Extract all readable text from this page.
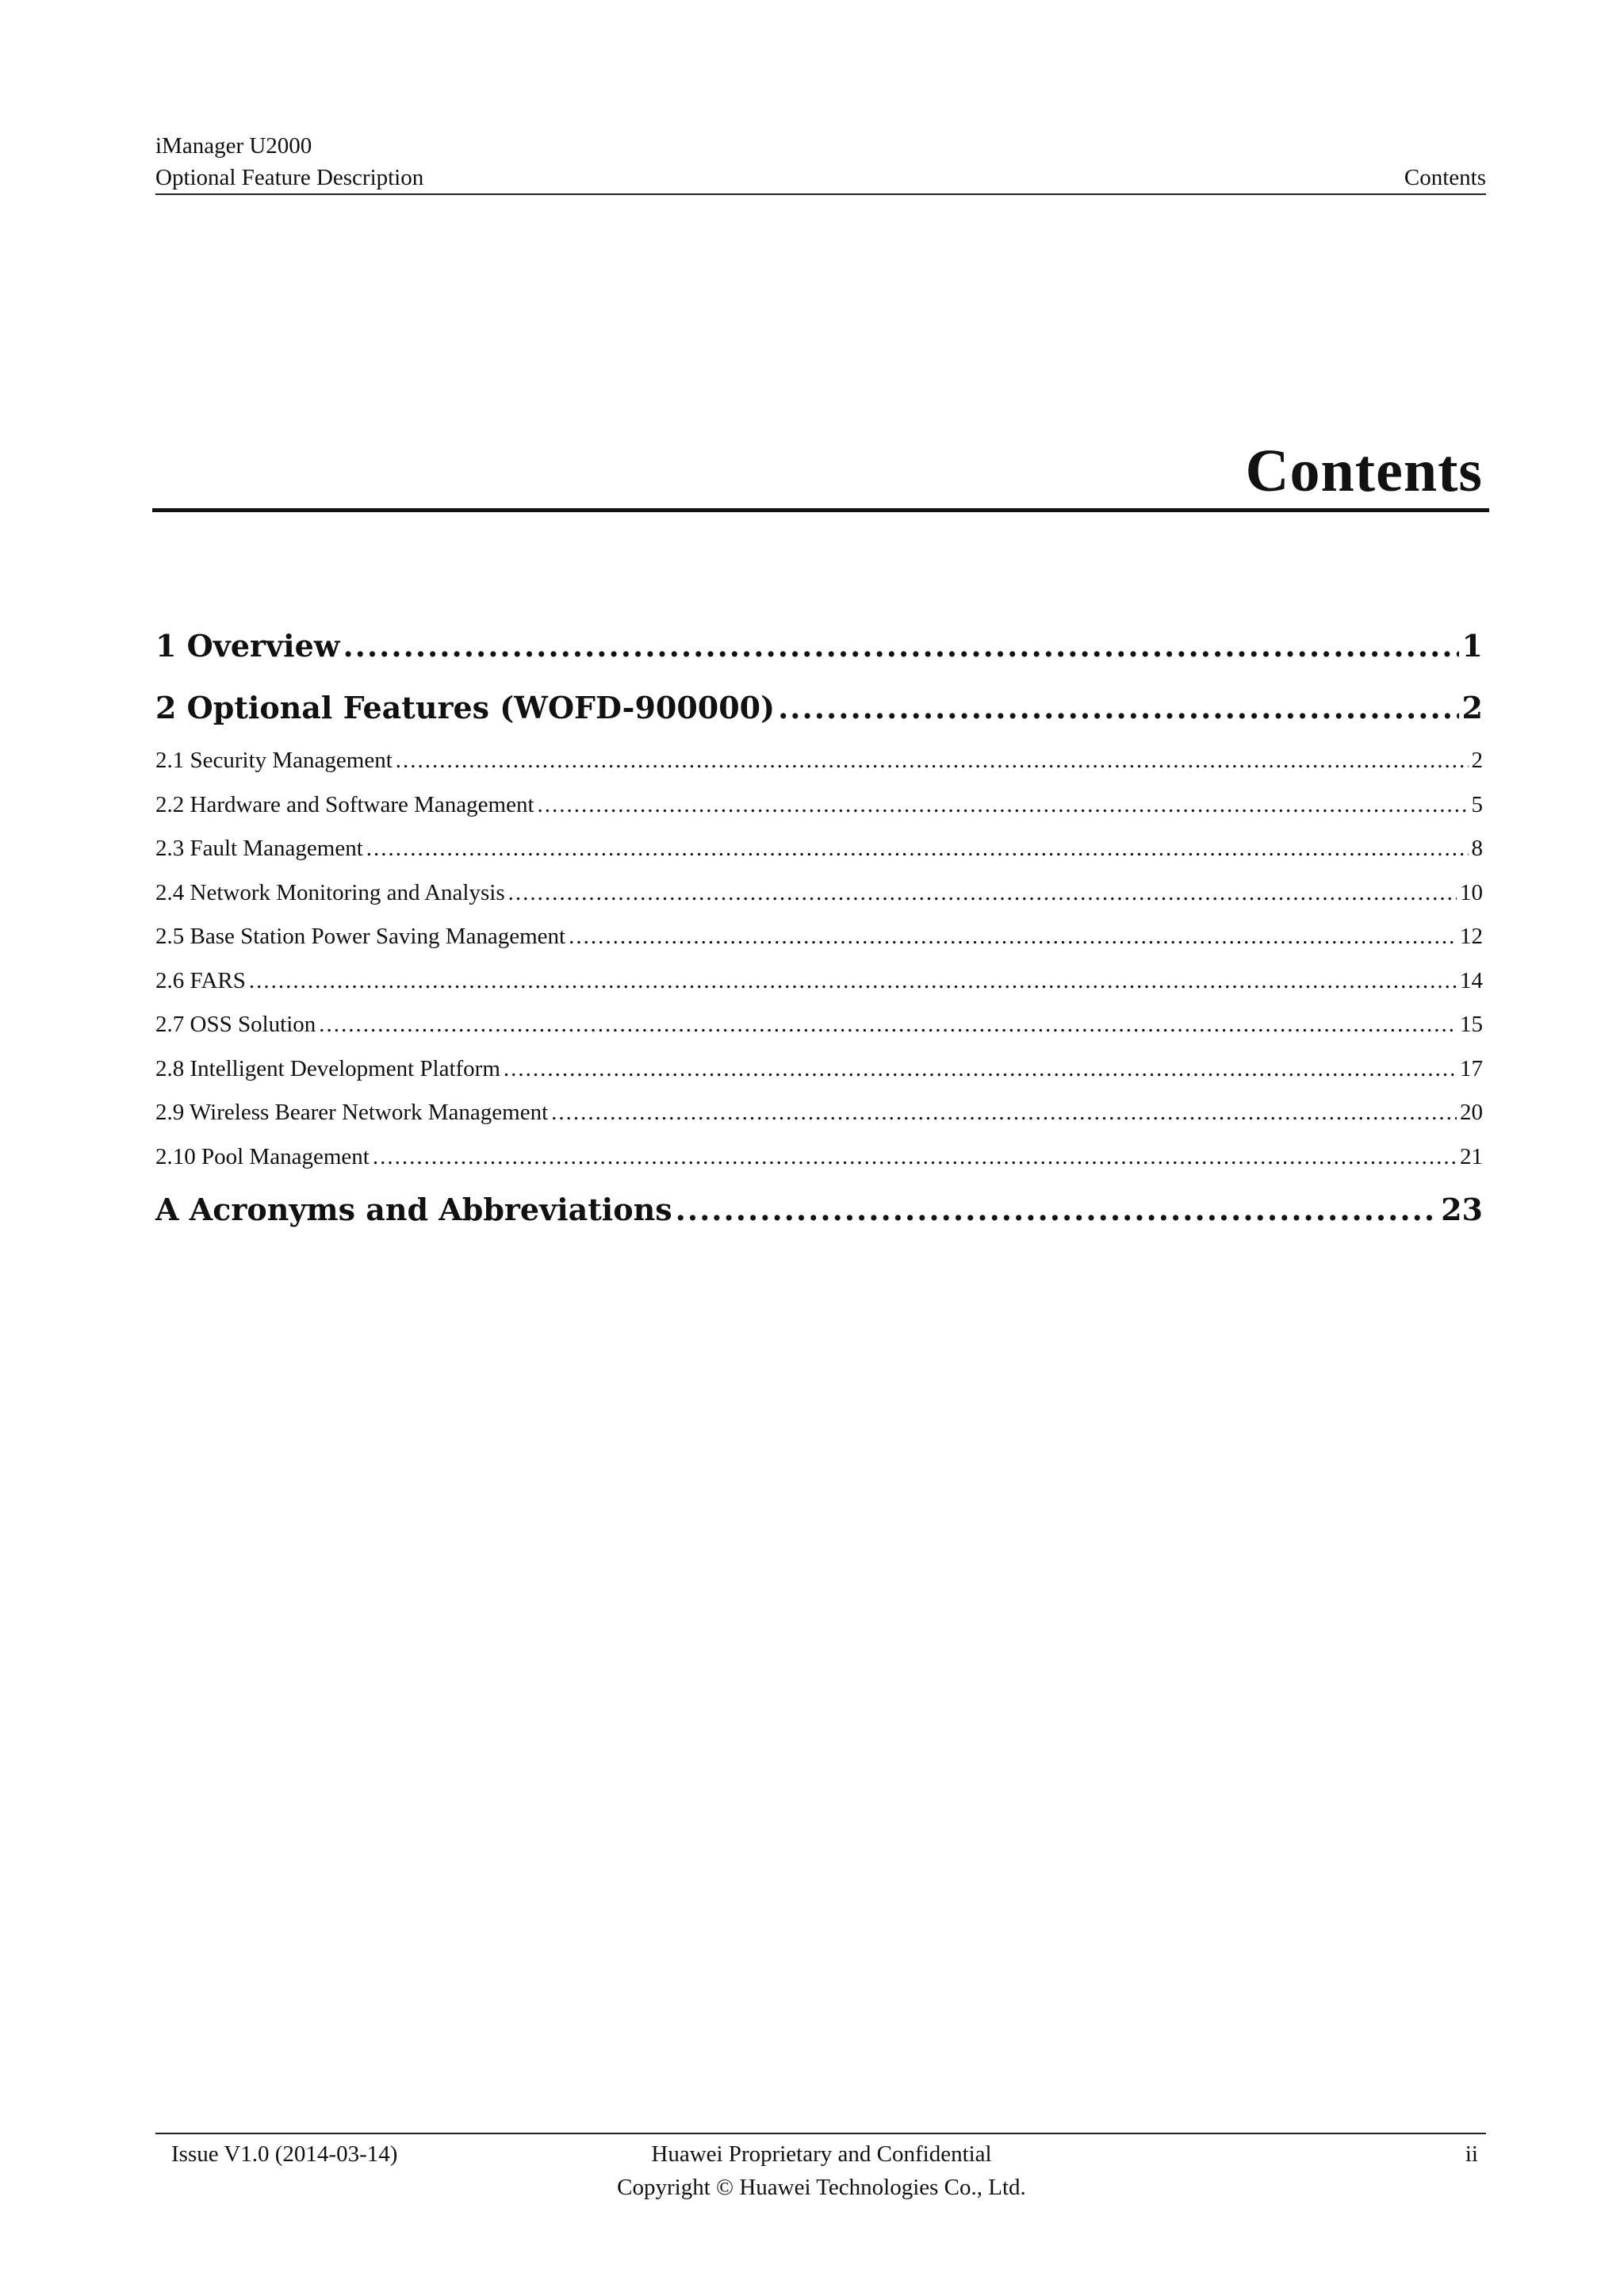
iManager U2000
Optional Feature Description	Contents
Contents
1 Overview .....	1
2 Optional Features (WOFD-900000) .....	2
2.1 Security Management .....	2
2.2 Hardware and Software Management .....	5
2.3 Fault Management .....	8
2.4 Network Monitoring and Analysis .....	10
2.5 Base Station Power Saving Management .....	12
2.6 FARS .....	14
2.7 OSS Solution .....	15
2.8 Intelligent Development Platform .....	17
2.9 Wireless Bearer Network Management .....	20
2.10 Pool Management .....	21
A Acronyms and Abbreviations .....	23
Issue V1.0 (2014-03-14)	Huawei Proprietary and Confidential
Copyright © Huawei Technologies Co., Ltd.
ii
